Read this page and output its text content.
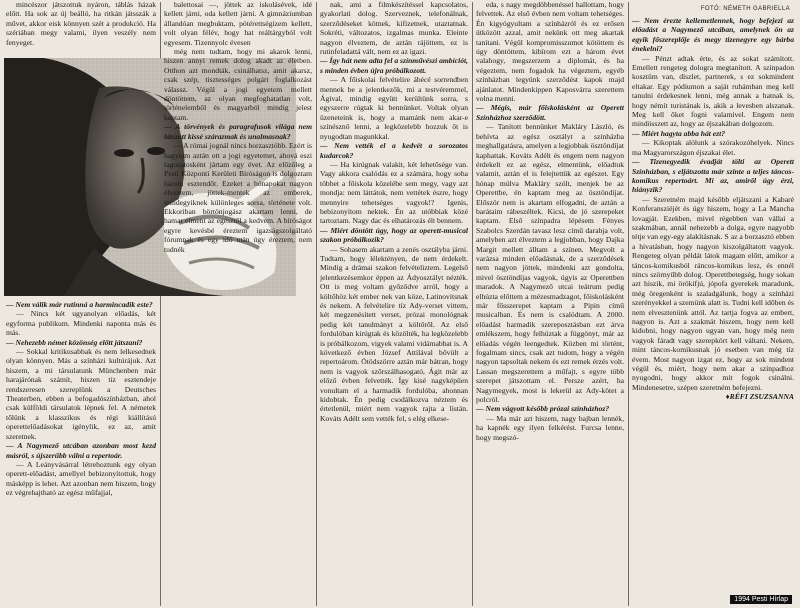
FOTÓ: NÉMETH GABRIELLA

mincészor játszottuk nyáron, táblás házak előtt. Ha sok az új beálló, ha ritkán játsszák a művet, akkor eisk könnyen szét a produkció. Ha szériában megy valami, ilyen veszély nem fenyeget.

— Nem válik már rutinná a harmincadik este?

— Nincs két ugyanolyan előadás, két egyforma publikum. Mindenki naponta más és más.

— Nehezebb német közönség előtt játszani?

— Sokkal kritikusabbak és nem lelkesednek olyan könnyen. Más a színházi kultúrájuk. Azt hiszem, a mi társulatunk Münchenben már harajárónak számít, hiszen tíz esztendeje rendszeresen szereplünk a Deutsches Theaterben, ebben a befogadószínházban, ahol csak külföldi társulatok lépnek fel. A németek tőlünk a klasszikus és régi kiállítású operettelőadásokat igénylik, ez az, amit szeretnek.

— A Nagymező utcában azonban most kezd másról, s újszerűbb válni a repertoár.

— A Leányvásárral létrehoztunk egy olyan operett-előadást, amellyel bebizonyítottuk, hogy másképp is lehet. Azt azonban nem hiszem, hogy ez végrehajtható az egész műfajjal,

balettosai —, jöttek az iskolásévek, idé kellett járni, oda kellett járni. A gimnáziumban állandóan megbuktam, pótérettségizem kellett, volt olyan félév, hogy hat reáltárgyból volt egyesem. Tizennyolc évesen

még nem tudtam, hogy mi akarok lenni, hiszen annyi remek dolog akadt az életben. Otthon azt mondták, csinálhatsz, amit akarsz, csak szép, tisztességes polgári foglalkozást válassz. Végül a jogi egyetem mellett döntöttem, az olyan megfoghatatlan volt, történelemből és magyarból mindig jelest kaptam.

— A törvények és paragrafusok világa nem látszott kissé szárazmak és unalmasnak?

— A római jognál nincs borzasztóbb. Ezért is hagytam aztán ott a jogi egyetemet, ahová eszi tagozatosként jártam egy évet. Az előzőleg a Pesti Központi Kerületi Bíróságon is dolgoztam három esztendőt. Ezeket a hónapokat nagyon élveztem, jöttek-mentek az emberek, mindegyiknek különleges sorsa, története volt. Ekkoriban börtönjogász akartam lenni, de hamar elment az egésztől a kedvem. A bíróságot egyre kevésbé éreztem igazságszolgáltató fórumnak és egy idő után úgy éreztem, nem tudnék

nak, ami a filmkészítéssel kapcsolatos, gyakorlati dolog. Szerveznek, telefonálnak, szerződéseket kötnek, kifizetnek, utaztatnak. Sokréti, változatos, izgalmas munka. Eleinte nagyon élveztem, de aztán rájöttem, ez is rutinfeladattá vált, nem ez az igazi.

— Így hát nem adta fel a színművészi ambíciót, s minden évben újra próbálkozott.

— A főiskolai felvételire ábécé sorrendben mennek be a jelentkezők, mi a testvéremmel, Ágival, mindig együtt kerültünk sorra, s egyszerre rúgtak ki bennünket. Voltak olyan üzeneteink is, hogy a mamánk nem akar-e színésznő lenni, a legközelebb hozzuk őt is nyugodtan magunkkal.

— Nem vették el a kedvét a sorozatos kudarcok?

— Ha kirúgnak valakit, két lehetősége van. Vagy akkora csalódás ez a számára, hogy soha többet a főiskola közelébe sem megy, vagy azt mondja: nem láttátok, nem vettétek észre, hogy mennyire tehetséges vagyok!? Igenis, bebizonyítom nektek. Én az utóbbiak közé tartoztam. Nagy dac és elhatározás élt bennem.

— Miért döntött úgy, hogy az operett-musical szakon próbálkozik?

— Sohasem akartam a zenés osztályba járni. Tudtam, hogy lélektényen, de nem érdekelt. Mindig a drámai szakon felvételiztem. Legelső jelentkezésemkor éppen az Ádyosztályt nézték. Ott is meg voltam győződve arról, hogy a költőhöz két ember nek van köze, Latinovitsnak és nekem. A felvételire tíz Ady-verset vittem, két megzenésített verset, prózai monológnak pedig két tanulmányt a költőről. Az első fordulóban kirúgtak és közölték, ha legközelebb is próbálkozom, vigyek valami vidámabbat is. A következő évben József Attilával bővült a repertoárom. Ötödszörre aztán már bátran, hogy nem is vagyok szőrszálhasogató, Ágit már az előző évben felvették. Így kisé nagyképűen vonultam el a harmadik fordulóba, ahonnan kidobtak. Én pedig csodálkozva néztem és értetlenül, miért nem vagyok rajta a listán. Kováts Adélt sem vették fel, s elég elkese-

eda, s nagy megdöbbenéssel hallottam, hogy felvettek. Az első évben nem voltam tehetséges. Én kigyógyultam a színházról és ez erősen ütközött azzal, amit nekünk ott meg akartak tanítani. Végül kompromisszumot kötöttem és úgy döntöttem, kibírom ezt a három évet valahogy, megszerzem a diplomát, és ha végeztem, nem fogadok ha végeztem, egyéb színházban legyünk szerződést kapok majd ajánlatot. Mindenkippen Kaposvárra szerettem volna menni.

— Mégis, már főiskolásként az Operett Színházhoz szerződött.

— Tanított bennünket Makláry László, és behívta az egész osztályt a színházba meghallgatásra, amelyen a legjobbak ösztöndíjat kaphattak. Kováts Adélt és engem nem nagyon érdekelt ez az egész, elmentünk, előadtuk valamit, aztán el is felejtettük az egészet. Egy hónap múlva Makláry szólt, menjek be az Operettbe, én kaptam meg az ösztöndíjat. Először nem is akartam elfogadni, de aztán a barátaim rábeszéltek. Kicsi, de jó szerepeket kaptam. Első színpadra lépésem Fényes Szabolcs Szerdán tavasz lesz című darabja volt, amelyben azt élveztem a legjobban, hogy Dajka Margit mellett álltam a színen. Megvolt a varázsa minden előadásnak, de a szerződések nem nagyon jöttek, mindenki azt gondolta, mivel ösztöndíjas vagyok, úgyis az Operettben maradok. A Nagymező utcai teátrum pedig elhúzta előttem a mézesmadzagot, főiskolásként már fősszerepet kaptam a Pipin című musicalban. És nem is csalódtam. A 2000. előadást harmadik szereposztásban ezt árva emlékszem, hogy felhúztak a függönyt, már az előadás végén leengedtek. Közben mi történt, fogalmam sincs, csak azt tudom, hogy a végén nagyon tapsoltak nekem és ezt remek érzés volt. Lassan megszerettem a műfajt, s egyre több szerepet játszottam el. Persze azért, ha Nagymegyek, most is lekerül az Ady-kötet a polcról.

— Nem vágyott később prózai színházhoz?

— Ma már azt hiszem, nagy bajban lennék, ha kapnék egy ilyen felkérést. Furcsa lenne, hogy megszó-

— Nem érezte kellemetlennek, hogy befejezi az előadást a Nagymező utcában, amelynek ön az egyik főszereplője és megy tizenegyre egy bárba énekelni?

— Pénzt adtak érte, és az sokat számított. Emellett rengeteg dologra megtanított. A színpadon kosztüm van, díszlet, partnerek, s ez sokmindent eltakar. Egy pódiumon a saját ruhámban meg kell tanulni érdekesnek lenni, még annak a hatnak is, hogy némít turistának is, akik a levesben alszanak. Meg kell őket fogni valamivel. Engem nem mindösszett az, hogy az éjszakában dolgozom.

— Miért hagyta abba hát ezt?

— Kikoptak alólunk a szórakozóhelyek. Nincs ma Magyarországon éjszakai élet.

— Tizenegyedik évadját tölti az Operett Színházban, s eljátszotta már szinte a teljes táncos-komikus repertoárt. Mi az, amiről úgy érzi, hiányzik?

— Szeretném majd később eljátszani a Kabaré Konferansziéjét és úgy hiszem, hogy a La Mancha lovagját. Ezekben, mivel régebben van vállai a szakmában, annál nehezebb a dolga, egyre nagyobb tétje van egy-egy alakításnak. S az a borzasztó ebben a hivatásban, hogy nagyon kiszolgáltatott vagyok. Rengeteg olyan példát látok magam előtt, amikor a táncos-komikusból ráncos-komikus lesz, és ennél nincs szörnyűbb dolog. Operettbetegség, hogy sokan azt hiszik, mi örökifjú, jópofa gyerekek maradunk, még öregenként is szaladgálunk, hogy a színházi szerényekkel a szemünk alatt is. Tudni kell időben és nem elvesztenünk attól. Az tartja fogva az embert, nagyon is. Azt a szakmát hiszem, hogy nem kell kidobni, hogy nagyon ugyan van, hogy még nem vagyok fáradt vagy szerepkört kell váltani. Nekem, mint táncos-komikusnak jó esetben van még tíz évem. Most nagyon izgat ez, hogy az sok mindent végül és, miért, hogy nem akar a színpadhoz nyugodni, hogy akkor mit fogok csinálni. Mindenesetre, szépen szeretném befejezni.

♦RÉFI ZSUZSANNA

1994 Pesti Hírlap
